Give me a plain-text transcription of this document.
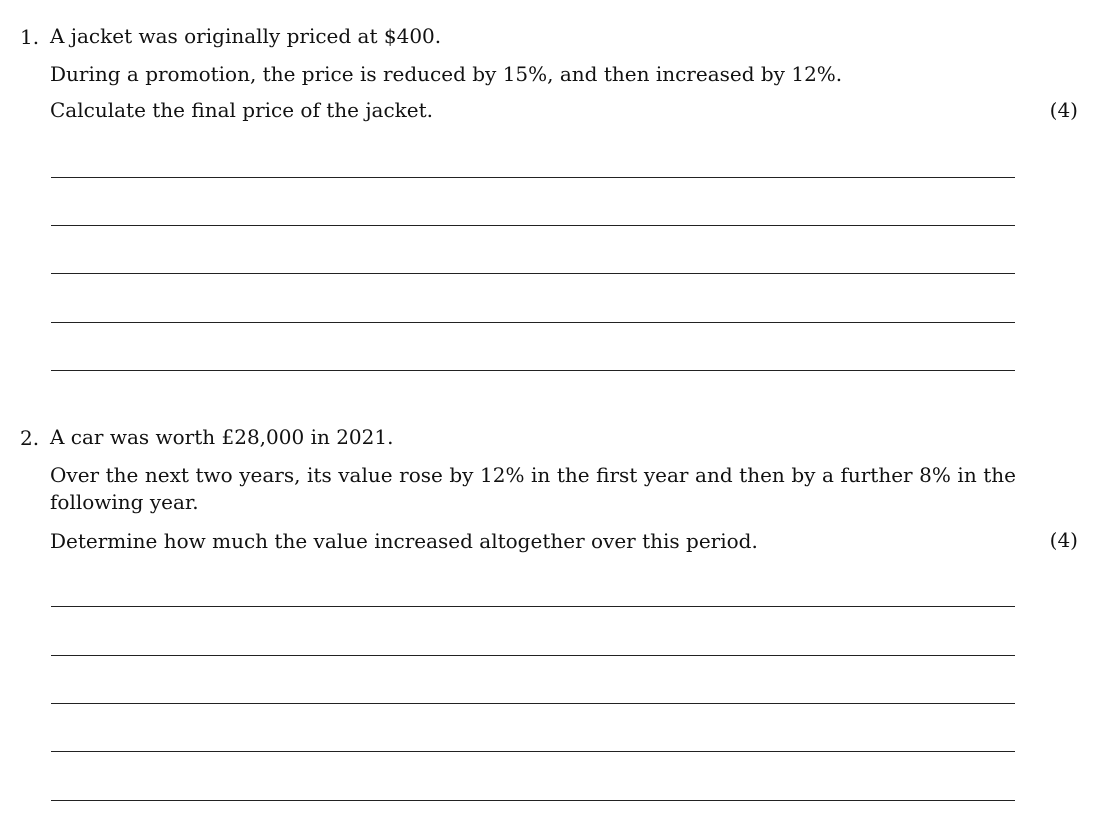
1. A jacket was originally priced at $400.

During a promotion, the price is reduced by 15%, and then increased by 12%.

Calculate the final price of the jacket.	(4)
2. A car was worth £28,000 in 2021.

Over the next two years, its value rose by 12% in the first year and then by a further 8% in the following year.

Determine how much the value increased altogether over this period.	(4)
